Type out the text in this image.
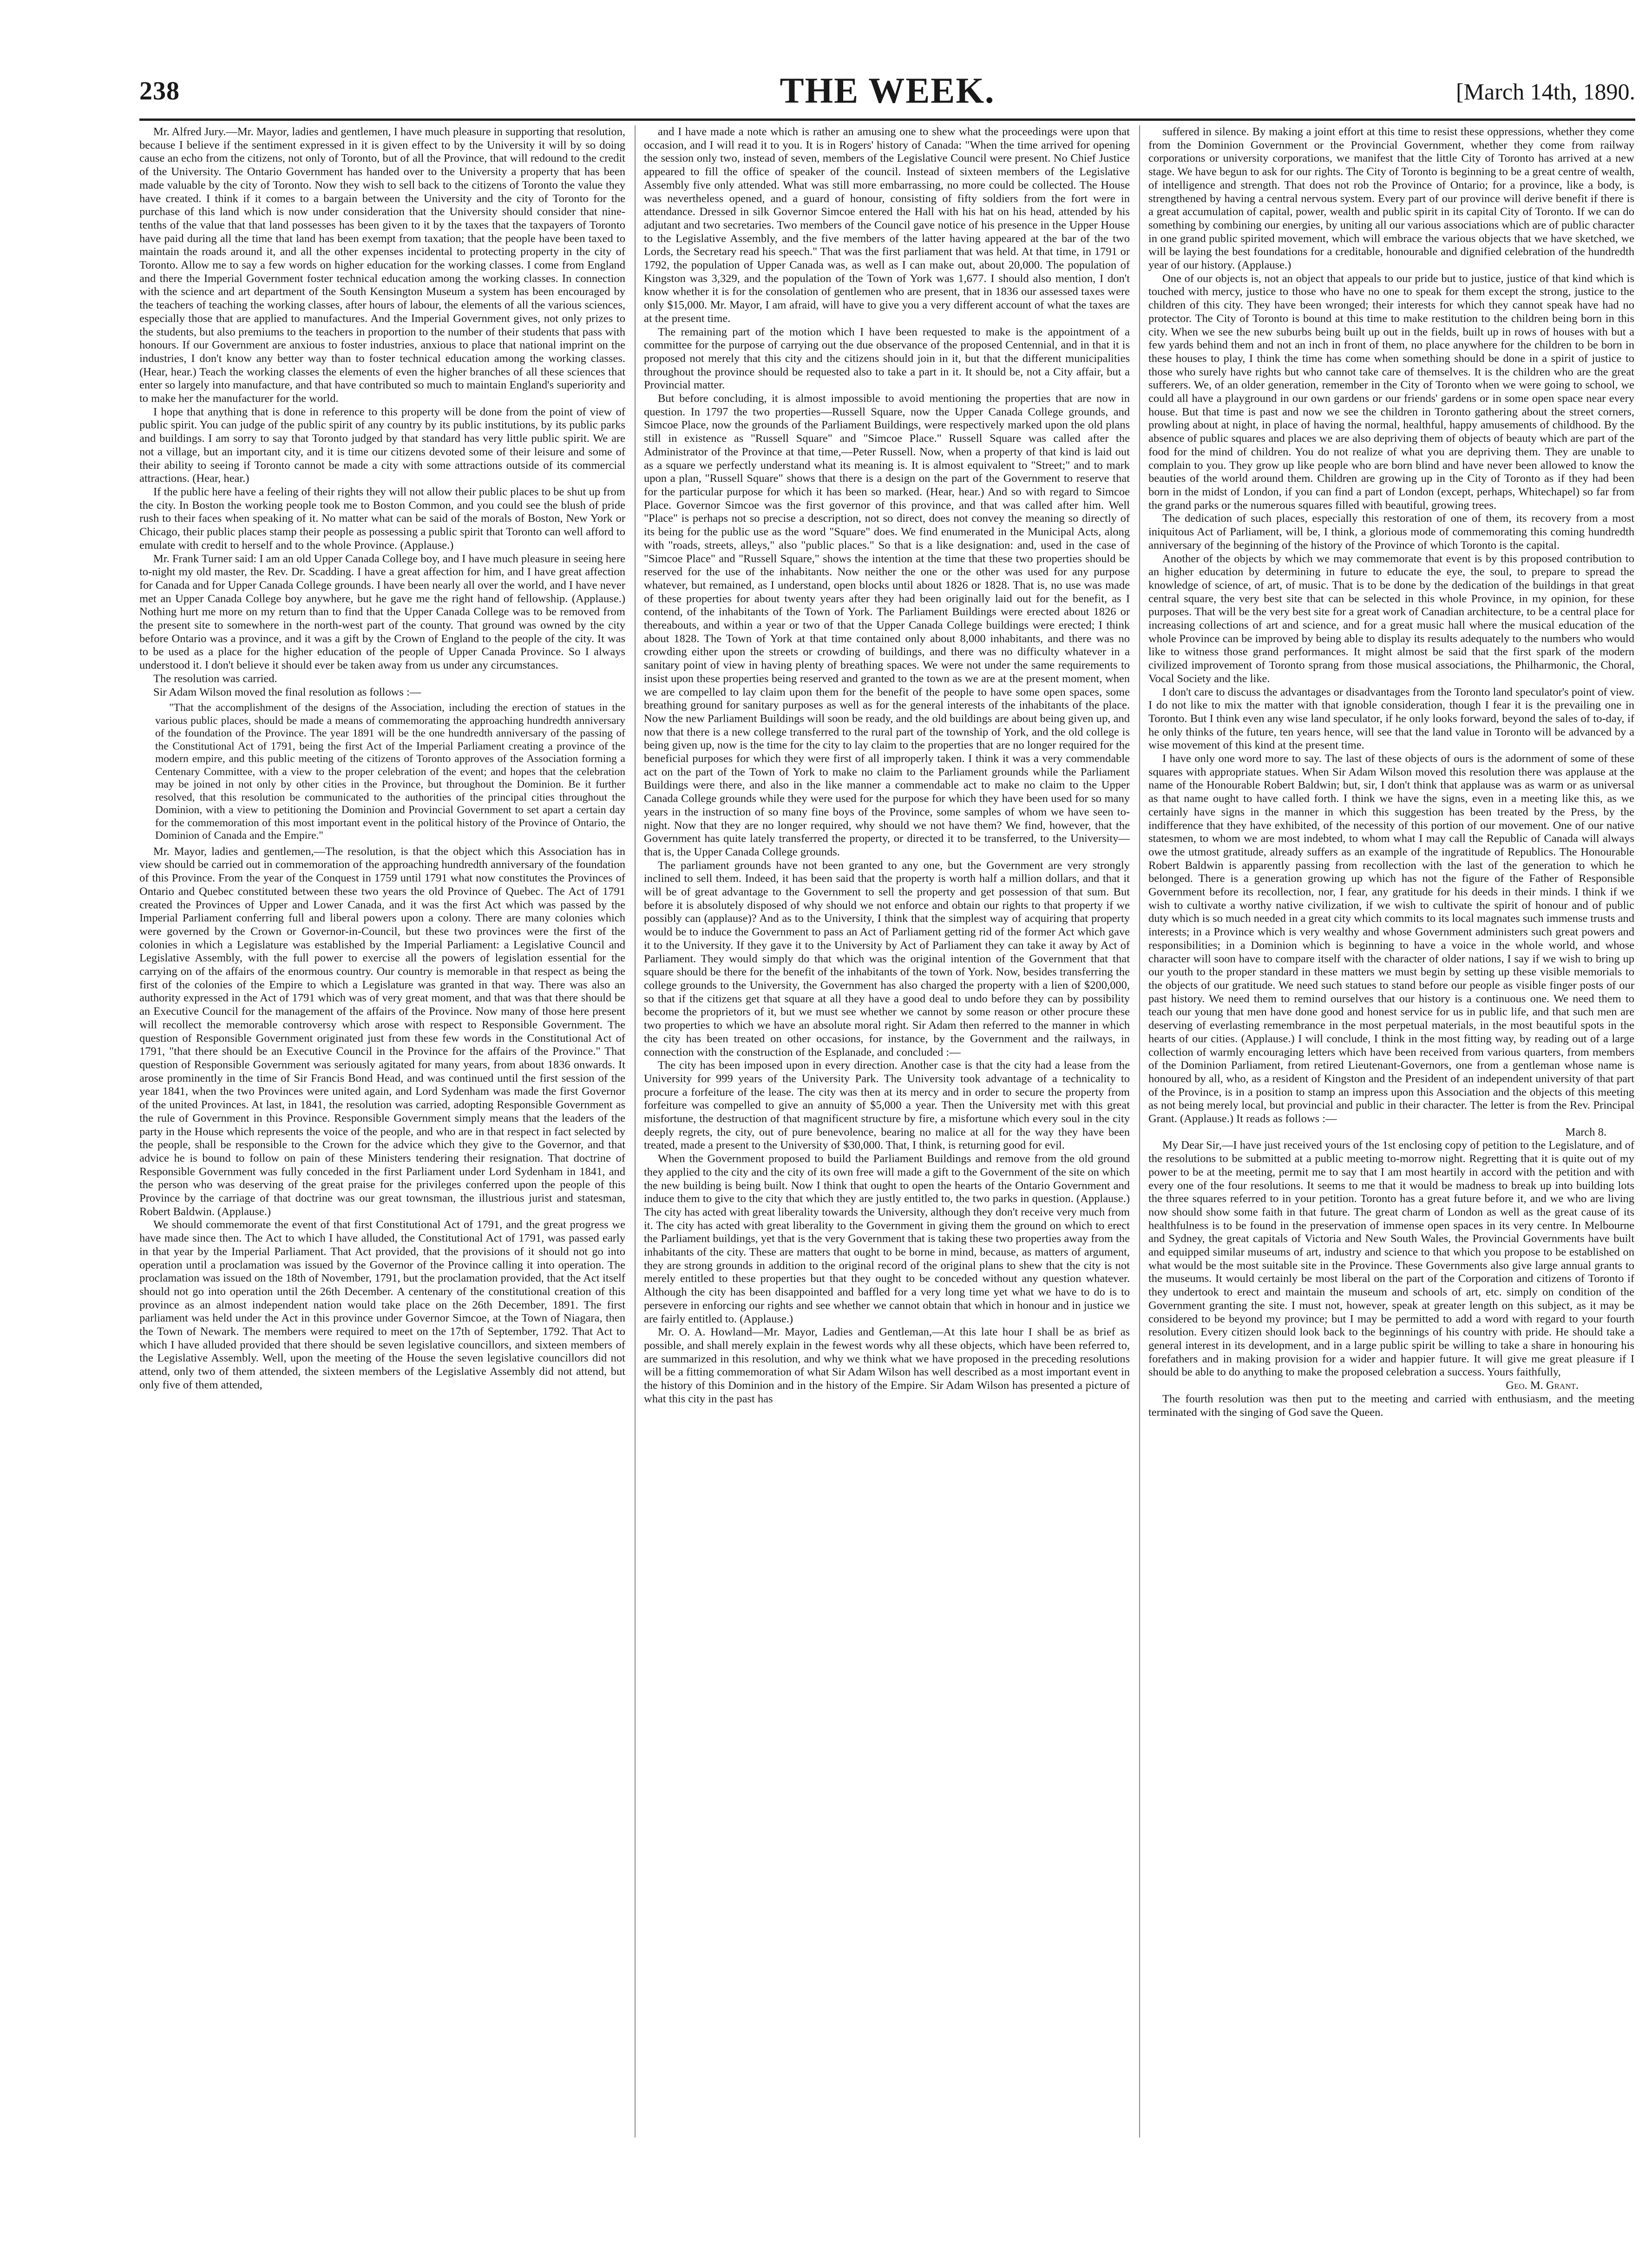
238	THE WEEK.	[March 14th, 1890.

Mr. Alfred Jury.—Mr. Mayor, ladies and gentlemen, I have much pleasure in supporting that resolution, because I believe if the sentiment expressed in it is given effect to by the University it will by so doing cause an echo from the citizens, not only of Toronto, but of all the Province, that will redound to the credit of the University. The Ontario Government has handed over to the University a property that has been made valuable by the city of Toronto. Now they wish to sell back to the citizens of Toronto the value they have created. I think if it comes to a bargain between the University and the city of Toronto for the purchase of this land which is now under consideration that the University should consider that nine-tenths of the value that that land possesses has been given to it by the taxes that the taxpayers of Toronto have paid during all the time that land has been exempt from taxation; that the people have been taxed to maintain the roads around it, and all the other expenses incidental to protecting property in the city of Toronto. Allow me to say a few words on higher education for the working classes. I come from England and there the Imperial Government foster technical education among the working classes. In connection with the science and art department of the South Kensington Museum a system has been encouraged by the teachers of teaching the working classes, after hours of labour, the elements of all the various sciences, especially those that are applied to manufactures. And the Imperial Government gives, not only prizes to the students, but also premiums to the teachers in proportion to the number of their students that pass with honours. If our Government are anxious to foster industries, anxious to place that national imprint on the industries, I don't know any better way than to foster technical education among the working classes. (Hear, hear.) Teach the working classes the elements of even the higher branches of all these sciences that enter so largely into manufacture, and that have contributed so much to maintain England's superiority and to make her the manufacturer for the world.

I hope that anything that is done in reference to this property will be done from the point of view of public spirit. You can judge of the public spirit of any country by its public institutions, by its public parks and buildings. I am sorry to say that Toronto judged by that standard has very little public spirit. We are not a village, but an important city, and it is time our citizens devoted some of their leisure and some of their ability to seeing if Toronto cannot be made a city with some attractions outside of its commercial attractions. (Hear, hear.)

If the public here have a feeling of their rights they will not allow their public places to be shut up from the city. In Boston the working people took me to Boston Common, and you could see the blush of pride rush to their faces when speaking of it. No matter what can be said of the morals of Boston, New York or Chicago, their public places stamp their people as possessing a public spirit that Toronto can well afford to emulate with credit to herself and to the whole Province. (Applause.)

Mr. Frank Turner said: I am an old Upper Canada College boy, and I have much pleasure in seeing here to-night my old master, the Rev. Dr. Scadding. I have a great affection for him, and I have great affection for Canada and for Upper Canada College grounds. I have been nearly all over the world, and I have never met an Upper Canada College boy anywhere, but he gave me the right hand of fellowship. (Applause.) Nothing hurt me more on my return than to find that the Upper Canada College was to be removed from the present site to somewhere in the north-west part of the county. That ground was owned by the city before Ontario was a province, and it was a gift by the Crown of England to the people of the city. It was to be used as a place for the higher education of the people of Upper Canada Province. So I always understood it. I don't believe it should ever be taken away from us under any circumstances.

The resolution was carried.

Sir Adam Wilson moved the final resolution as follows :—

"That the accomplishment of the designs of the Association, including the erection of statues in the various public places, should be made a means of commemorating the approaching hundredth anniversary of the foundation of the Province. The year 1891 will be the one hundredth anniversary of the passing of the Constitutional Act of 1791, being the first Act of the Imperial Parliament creating a province of the modern empire, and this public meeting of the citizens of Toronto approves of the Association forming a Centenary Committee, with a view to the proper celebration of the event; and hopes that the celebration may be joined in not only by other cities in the Province, but throughout the Dominion. Be it further resolved, that this resolution be communicated to the authorities of the principal cities throughout the Dominion, with a view to petitioning the Dominion and Provincial Government to set apart a certain day for the commemoration of this most important event in the political history of the Province of Ontario, the Dominion of Canada and the Empire."

Mr. Mayor, ladies and gentlemen,—The resolution, is that the object which this Association has in view should be carried out in commemoration of the approaching hundredth anniversary of the foundation of this Province. From the year of the Conquest in 1759 until 1791 what now constitutes the Provinces of Ontario and Quebec constituted between these two years the old Province of Quebec. The Act of 1791 created the Provinces of Upper and Lower Canada, and it was the first Act which was passed by the Imperial Parliament conferring full and liberal powers upon a colony. There are many colonies which were governed by the Crown or Governor-in-Council, but these two provinces were the first of the colonies in which a Legislature was established by the Imperial Parliament: a Legislative Council and Legislative Assembly, with the full power to exercise all the powers of legislation essential for the carrying on of the affairs of the enormous country. Our country is memorable in that respect as being the first of the colonies of the Empire to which a Legislature was granted in that way. There was also an authority expressed in the Act of 1791 which was of very great moment, and that was that there should be an Executive Council for the management of the affairs of the Province. Now many of those here present will recollect the memorable controversy which arose with respect to Responsible Government. The question of Responsible Government originated just from these few words in the Constitutional Act of 1791, "that there should be an Executive Council in the Province for the affairs of the Province." That question of Responsible Government was seriously agitated for many years, from about 1836 onwards. It arose prominently in the time of Sir Francis Bond Head, and was continued until the first session of the year 1841, when the two Provinces were united again, and Lord Sydenham was made the first Governor of the united Provinces. At last, in 1841, the resolution was carried, adopting Responsible Government as the rule of Government in this Province. Responsible Government simply means that the leaders of the party in the House which represents the voice of the people, and who are in that respect in fact selected by the people, shall be responsible to the Crown for the advice which they give to the Governor, and that advice he is bound to follow on pain of these Ministers tendering their resignation. That doctrine of Responsible Government was fully conceded in the first Parliament under Lord Sydenham in 1841, and the person who was deserving of the great praise for the privileges conferred upon the people of this Province by the carriage of that doctrine was our great townsman, the illustrious jurist and statesman, Robert Baldwin. (Applause.)

We should commemorate the event of that first Constitutional Act of 1791, and the great progress we have made since then. The Act to which I have alluded, the Constitutional Act of 1791, was passed early in that year by the Imperial Parliament. That Act provided, that the provisions of it should not go into operation until a proclamation was issued by the Governor of the Province calling it into operation. The proclamation was issued on the 18th of November, 1791, but the proclamation provided, that the Act itself should not go into operation until the 26th December. A centenary of the constitutional creation of this province as an almost independent nation would take place on the 26th December, 1891. The first parliament was held under the Act in this province under Governor Simcoe, at the Town of Niagara, then the Town of Newark. The members were required to meet on the 17th of September, 1792. That Act to which I have alluded provided that there should be seven legislative councillors, and sixteen members of the Legislative Assembly. Well, upon the meeting of the House the seven legislative councillors did not attend, only two of them attended, the sixteen members of the Legislative Assembly did not attend, but only five of them attended,

and I have made a note which is rather an amusing one to shew what the proceedings were upon that occasion, and I will read it to you. It is in Rogers' history of Canada: "When the time arrived for opening the session only two, instead of seven, members of the Legislative Council were present. No Chief Justice appeared to fill the office of speaker of the council. Instead of sixteen members of the Legislative Assembly five only attended. What was still more embarrassing, no more could be collected. The House was nevertheless opened, and a guard of honour, consisting of fifty soldiers from the fort were in attendance. Dressed in silk Governor Simcoe entered the Hall with his hat on his head, attended by his adjutant and two secretaries. Two members of the Council gave notice of his presence in the Upper House to the Legislative Assembly, and the five members of the latter having appeared at the bar of the two Lords, the Secretary read his speech." That was the first parliament that was held. At that time, in 1791 or 1792, the population of Upper Canada was, as well as I can make out, about 20,000. The population of Kingston was 3,329, and the population of the Town of York was 1,677. I should also mention, I don't know whether it is for the consolation of gentlemen who are present, that in 1836 our assessed taxes were only $15,000. Mr. Mayor, I am afraid, will have to give you a very different account of what the taxes are at the present time.

The remaining part of the motion which I have been requested to make is the appointment of a committee for the purpose of carrying out the due observance of the proposed Centennial, and in that it is proposed not merely that this city and the citizens should join in it, but that the different municipalities throughout the province should be requested also to take a part in it. It should be, not a City affair, but a Provincial matter.

But before concluding, it is almost impossible to avoid mentioning the properties that are now in question. In 1797 the two properties—Russell Square, now the Upper Canada College grounds, and Simcoe Place, now the grounds of the Parliament Buildings, were respectively marked upon the old plans still in existence as "Russell Square" and "Simcoe Place." Russell Square was called after the Administrator of the Province at that time,—Peter Russell. Now, when a property of that kind is laid out as a square we perfectly understand what its meaning is. It is almost equivalent to "Street;" and to mark upon a plan, "Russell Square" shows that there is a design on the part of the Government to reserve that for the particular purpose for which it has been so marked. (Hear, hear.) And so with regard to Simcoe Place. Governor Simcoe was the first governor of this province, and that was called after him. Well "Place" is perhaps not so precise a description, not so direct, does not convey the meaning so directly of its being for the public use as the word "Square" does. We find enumerated in the Municipal Acts, along with "roads, streets, alleys," also "public places." So that is a like designation: and, used in the case of "Simcoe Place" and "Russell Square," shows the intention at the time that these two properties should be reserved for the use of the inhabitants. Now neither the one or the other was used for any purpose whatever, but remained, as I understand, open blocks until about 1826 or 1828. That is, no use was made of these properties for about twenty years after they had been originally laid out for the benefit, as I contend, of the inhabitants of the Town of York. The Parliament Buildings were erected about 1826 or thereabouts, and within a year or two of that the Upper Canada College buildings were erected; I think about 1828. The Town of York at that time contained only about 8,000 inhabitants, and there was no crowding either upon the streets or crowding of buildings, and there was no difficulty whatever in a sanitary point of view in having plenty of breathing spaces. We were not under the same requirements to insist upon these properties being reserved and granted to the town as we are at the present moment, when we are compelled to lay claim upon them for the benefit of the people to have some open spaces, some breathing ground for sanitary purposes as well as for the general interests of the inhabitants of the place. Now the new Parliament Buildings will soon be ready, and the old buildings are about being given up, and now that there is a new college transferred to the rural part of the township of York, and the old college is being given up, now is the time for the city to lay claim to the properties that are no longer required for the beneficial purposes for which they were first of all improperly taken. I think it was a very commendable act on the part of the Town of York to make no claim to the Parliament grounds while the Parliament Buildings were there, and also in the like manner a commendable act to make no claim to the Upper Canada College grounds while they were used for the purpose for which they have been used for so many years in the instruction of so many fine boys of the Province, some samples of whom we have seen to-night. Now that they are no longer required, why should we not have them? We find, however, that the Government has quite lately transferred the property, or directed it to be transferred, to the University—that is, the Upper Canada College grounds.

The parliament grounds have not been granted to any one, but the Government are very strongly inclined to sell them. Indeed, it has been said that the property is worth half a million dollars, and that it will be of great advantage to the Government to sell the property and get possession of that sum. But before it is absolutely disposed of why should we not enforce and obtain our rights to that property if we possibly can (applause)? And as to the University, I think that the simplest way of acquiring that property would be to induce the Government to pass an Act of Parliament getting rid of the former Act which gave it to the University. If they gave it to the University by Act of Parliament they can take it away by Act of Parliament. They would simply do that which was the original intention of the Government that that square should be there for the benefit of the inhabitants of the town of York. Now, besides transferring the college grounds to the University, the Government has also charged the property with a lien of $200,000, so that if the citizens get that square at all they have a good deal to undo before they can by possibility become the proprietors of it, but we must see whether we cannot by some reason or other procure these two properties to which we have an absolute moral right. Sir Adam then referred to the manner in which the city has been treated on other occasions, for instance, by the Government and the railways, in connection with the construction of the Esplanade, and concluded :—

The city has been imposed upon in every direction. Another case is that the city had a lease from the University for 999 years of the University Park. The University took advantage of a technicality to procure a forfeiture of the lease. The city was then at its mercy and in order to secure the property from forfeiture was compelled to give an annuity of $5,000 a year. Then the University met with this great misfortune, the destruction of that magnificent structure by fire, a misfortune which every soul in the city deeply regrets, the city, out of pure benevolence, bearing no malice at all for the way they have been treated, made a present to the University of $30,000. That, I think, is returning good for evil.

When the Government proposed to build the Parliament Buildings and remove from the old ground they applied to the city and the city of its own free will made a gift to the Government of the site on which the new building is being built. Now I think that ought to open the hearts of the Ontario Government and induce them to give to the city that which they are justly entitled to, the two parks in question. (Applause.) The city has acted with great liberality towards the University, although they don't receive very much from it. The city has acted with great liberality to the Government in giving them the ground on which to erect the Parliament buildings, yet that is the very Government that is taking these two properties away from the inhabitants of the city. These are matters that ought to be borne in mind, because, as matters of argument, they are strong grounds in addition to the original record of the original plans to shew that the city is not merely entitled to these properties but that they ought to be conceded without any question whatever. Although the city has been disappointed and baffled for a very long time yet what we have to do is to persevere in enforcing our rights and see whether we cannot obtain that which in honour and in justice we are fairly entitled to. (Applause.)

Mr. O. A. Howland—Mr. Mayor, Ladies and Gentleman,—At this late hour I shall be as brief as possible, and shall merely explain in the fewest words why all these objects, which have been referred to, are summarized in this resolution, and why we think what we have proposed in the preceding resolutions will be a fitting commemoration of what Sir Adam Wilson has well described as a most important event in the history of this Dominion and in the history of the Empire. Sir Adam Wilson has presented a picture of what this city in the past has

suffered in silence. By making a joint effort at this time to resist these oppressions, whether they come from the Dominion Government or the Provincial Government, whether they come from railway corporations or university corporations, we manifest that the little City of Toronto has arrived at a new stage. We have begun to ask for our rights. The City of Toronto is beginning to be a great centre of wealth, of intelligence and strength. That does not rob the Province of Ontario; for a province, like a body, is strengthened by having a central nervous system. Every part of our province will derive benefit if there is a great accumulation of capital, power, wealth and public spirit in its capital City of Toronto. If we can do something by combining our energies, by uniting all our various associations which are of public character in one grand public spirited movement, which will embrace the various objects that we have sketched, we will be laying the best foundations for a creditable, honourable and dignified celebration of the hundredth year of our history. (Applause.)

One of our objects is, not an object that appeals to our pride but to justice, justice of that kind which is touched with mercy, justice to those who have no one to speak for them except the strong, justice to the children of this city. They have been wronged; their interests for which they cannot speak have had no protector. The City of Toronto is bound at this time to make restitution to the children being born in this city. When we see the new suburbs being built up out in the fields, built up in rows of houses with but a few yards behind them and not an inch in front of them, no place anywhere for the children to be born in these houses to play, I think the time has come when something should be done in a spirit of justice to those who surely have rights but who cannot take care of themselves. It is the children who are the great sufferers. We, of an older generation, remember in the City of Toronto when we were going to school, we could all have a playground in our own gardens or our friends' gardens or in some open space near every house. But that time is past and now we see the children in Toronto gathering about the street corners, prowling about at night, in place of having the normal, healthful, happy amusements of childhood. By the absence of public squares and places we are also depriving them of objects of beauty which are part of the food for the mind of children. You do not realize of what you are depriving them. They are unable to complain to you. They grow up like people who are born blind and have never been allowed to know the beauties of the world around them. Children are growing up in the City of Toronto as if they had been born in the midst of London, if you can find a part of London (except, perhaps, Whitechapel) so far from the grand parks or the numerous squares filled with beautiful, growing trees.

The dedication of such places, especially this restoration of one of them, its recovery from a most iniquitous Act of Parliament, will be, I think, a glorious mode of commemorating this coming hundredth anniversary of the beginning of the history of the Province of which Toronto is the capital.

Another of the objects by which we may commemorate that event is by this proposed contribution to an higher education by determining in future to educate the eye, the soul, to prepare to spread the knowledge of science, of art, of music. That is to be done by the dedication of the buildings in that great central square, the very best site that can be selected in this whole Province, in my opinion, for these purposes. That will be the very best site for a great work of Canadian architecture, to be a central place for increasing collections of art and science, and for a great music hall where the musical education of the whole Province can be improved by being able to display its results adequately to the numbers who would like to witness those grand performances. It might almost be said that the first spark of the modern civilized improvement of Toronto sprang from those musical associations, the Philharmonic, the Choral, Vocal Society and the like.

I don't care to discuss the advantages or disadvantages from the Toronto land speculator's point of view. I do not like to mix the matter with that ignoble consideration, though I fear it is the prevailing one in Toronto. But I think even any wise land speculator, if he only looks forward, beyond the sales of to-day, if he only thinks of the future, ten years hence, will see that the land value in Toronto will be advanced by a wise movement of this kind at the present time.

I have only one word more to say. The last of these objects of ours is the adornment of some of these squares with appropriate statues. When Sir Adam Wilson moved this resolution there was applause at the name of the Honourable Robert Baldwin; but, sir, I don't think that applause was as warm or as universal as that name ought to have called forth. I think we have the signs, even in a meeting like this, as we certainly have signs in the manner in which this suggestion has been treated by the Press, by the indifference that they have exhibited, of the necessity of this portion of our movement. One of our native statesmen, to whom we are most indebted, to whom what I may call the Republic of Canada will always owe the utmost gratitude, already suffers as an example of the ingratitude of Republics. The Honourable Robert Baldwin is apparently passing from recollection with the last of the generation to which he belonged. There is a generation growing up which has not the figure of the Father of Responsible Government before its recollection, nor, I fear, any gratitude for his deeds in their minds. I think if we wish to cultivate a worthy native civilization, if we wish to cultivate the spirit of honour and of public duty which is so much needed in a great city which commits to its local magnates such immense trusts and interests; in a Province which is very wealthy and whose Government administers such great powers and responsibilities; in a Dominion which is beginning to have a voice in the whole world, and whose character will soon have to compare itself with the character of older nations, I say if we wish to bring up our youth to the proper standard in these matters we must begin by setting up these visible memorials to the objects of our gratitude. We need such statues to stand before our people as visible finger posts of our past history. We need them to remind ourselves that our history is a continuous one. We need them to teach our young that men have done good and honest service for us in public life, and that such men are deserving of everlasting remembrance in the most perpetual materials, in the most beautiful spots in the hearts of our cities. (Applause.) I will conclude, I think in the most fitting way, by reading out of a large collection of warmly encouraging letters which have been received from various quarters, from members of the Dominion Parliament, from retired Lieutenant-Governors, one from a gentleman whose name is honoured by all, who, as a resident of Kingston and the President of an independent university of that part of the Province, is in a position to stamp an impress upon this Association and the objects of this meeting as not being merely local, but provincial and public in their character. The letter is from the Rev. Principal Grant. (Applause.) It reads as follows :—

March 8.

My Dear Sir,—I have just received yours of the 1st enclosing copy of petition to the Legislature, and of the resolutions to be submitted at a public meeting to-morrow night. Regretting that it is quite out of my power to be at the meeting, permit me to say that I am most heartily in accord with the petition and with every one of the four resolutions. It seems to me that it would be madness to break up into building lots the three squares referred to in your petition. Toronto has a great future before it, and we who are living now should show some faith in that future. The great charm of London as well as the great cause of its healthfulness is to be found in the preservation of immense open spaces in its very centre. In Melbourne and Sydney, the great capitals of Victoria and New South Wales, the Provincial Governments have built and equipped similar museums of art, industry and science to that which you propose to be established on what would be the most suitable site in the Province. These Governments also give large annual grants to the museums. It would certainly be most liberal on the part of the Corporation and citizens of Toronto if they undertook to erect and maintain the museum and schools of art, etc. simply on condition of the Government granting the site. I must not, however, speak at greater length on this subject, as it may be considered to be beyond my province; but I may be permitted to add a word with regard to your fourth resolution. Every citizen should look back to the beginnings of his country with pride. He should take a general interest in its development, and in a large public spirit be willing to take a share in honouring his forefathers and in making provision for a wider and happier future. It will give me great pleasure if I should be able to do anything to make the proposed celebration a success. Yours faithfully,

Geo. M. Grant.

The fourth resolution was then put to the meeting and carried with enthusiasm, and the meeting terminated with the singing of God save the Queen.
